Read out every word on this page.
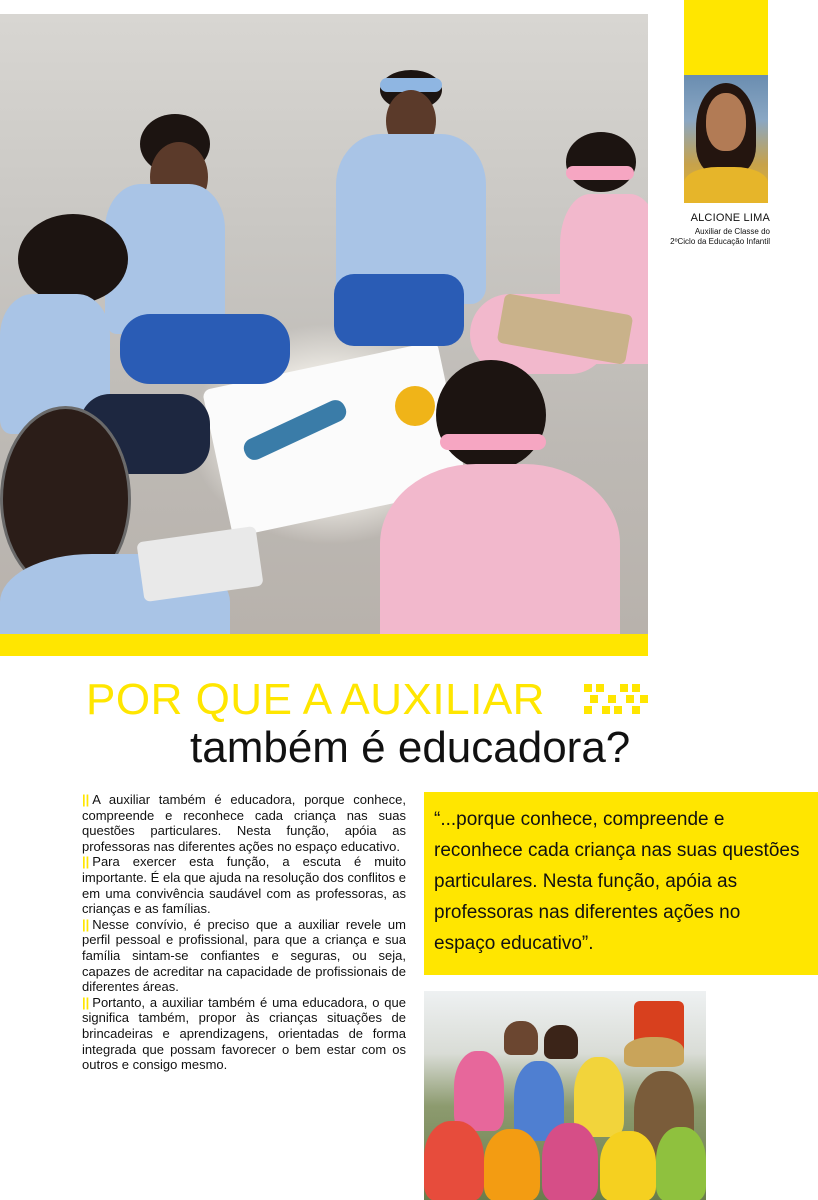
ALCIONE LIMA
Auxiliar de Classe do
2ºCiclo da Educação Infantil
POR QUE A AUXILIAR
também é educadora?

|| A auxiliar também é educadora, porque conhece, compreende e reconhece cada criança nas suas questões particulares. Nesta função, apóia as professoras nas diferentes ações no espaço educativo.

|| Para exercer esta função, a escuta é muito importante. É ela que ajuda na resolução dos conflitos e em uma convivência saudável com as professoras, as crianças e as famílias.

|| Nesse convívio, é preciso que a auxiliar revele um perfil pessoal e profissional, para que a criança e sua família sintam-se confiantes e seguras, ou seja, capazes de acreditar na capacidade de profissionais de diferentes áreas.

|| Portanto, a auxiliar também é uma educadora, o que significa também, propor às crianças situações de brincadeiras e aprendizagens, orientadas de forma integrada que possam favorecer o bem estar com os outros e consigo mesmo.

“...porque conhece, compreende e reconhece cada criança nas suas questões particulares. Nesta função, apóia as professoras nas diferentes ações no espaço educativo”.
